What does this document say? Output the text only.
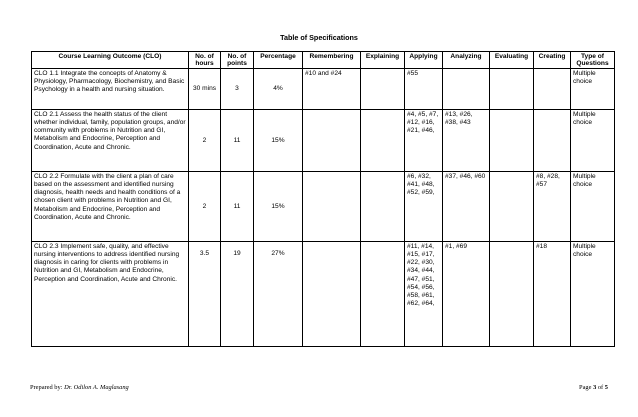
Table of Specifications
Course Learning Outcome (CLO)	No. of hours	No. of points	Percentage	Remembering	Explaining	Applying	Analyzing	Evaluating	Creating	Type of Questions
CLO 1.1 Integrate the concepts of Anatomy & Physiology, Pharmacology, Biochemistry, and Basic Psychology in a health and nursing situation.	30 mins	3	4%	#10 and #24		#55				Multiple choice
CLO 2.1 Assess the health status of the client whether individual, family, population groups, and/or community with problems in Nutrition and GI, Metabolism and Endocrine, Perception and Coordination, Acute and Chronic.	2	11	15%			#4, #5, #7, #12, #16, #21, #46,	#13, #26, #38, #43			Multiple choice
CLO 2.2 Formulate with the client a plan of care based on the assessment and identified nursing diagnosis, health needs and health conditions of a chosen client with problems in Nutrition and GI, Metabolism and Endocrine, Perception and Coordination, Acute and Chronic.	2	11	15%			#6, #32, #41, #48, #52, #59,	#37, #46, #60		#8, #28, #57	Multiple choice
CLO 2.3 Implement safe, quality, and effective nursing interventions to address identified nursing diagnosis in caring for clients with problems in Nutrition and GI, Metabolism and Endocrine, Perception and Coordination, Acute and Chronic.	3.5	19	27%			#11, #14, #15, #17, #22, #30, #34, #44, #47, #51, #54, #56, #58, #61, #62, #64,	#1, #69		#18	Multiple choice
Prepared by: Dr. Odilon A. Maglasang	Page 3 of 5
